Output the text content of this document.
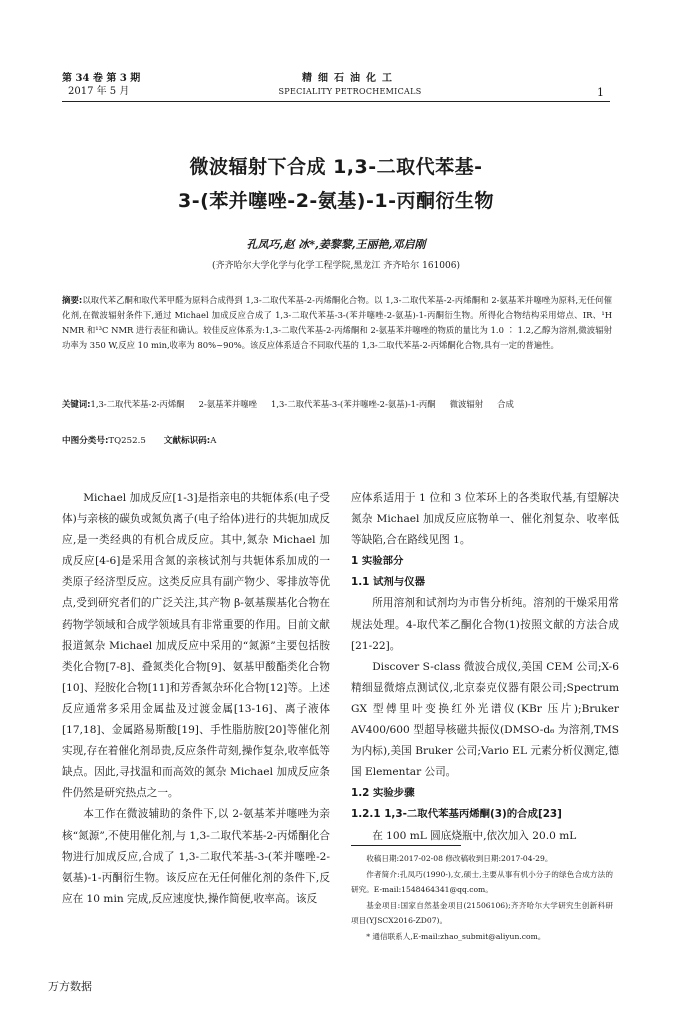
第 34 卷 第 3 期
2017 年 5 月
精细石油化工
SPECIALITY PETROCHEMICALS	1
微波辐射下合成 1,3-二取代苯基-
3-(苯并噻唑-2-氨基)-1-丙酮衍生物
孔凤巧,赵 冰*,姜黎黎,王丽艳,邓启刚
(齐齐哈尔大学化学与化学工程学院,黑龙江 齐齐哈尔 161006)
摘要:以取代苯乙酮和取代苯甲醛为原料合成得到 1,3-二取代苯基-2-丙烯酮化合物。以 1,3-二取代苯基-2-丙烯酮和 2-氨基苯并噻唑为原料,无任何催化剂,在微波辐射条件下,通过 Michael 加成反应合成了 1,3-二取代苯基-3-(苯并噻唑-2-氨基)-1-丙酮衍生物。所得化合物结构采用熔点、IR、¹H NMR 和¹³C NMR 进行表征和确认。较佳反应体系为:1,3-二取代苯基-2-丙烯酮和 2-氨基苯并噻唑的物质的量比为 1.0 ∶ 1.2,乙醇为溶剂,微波辐射功率为 350 W,反应 10 min,收率为 80%~90%。该反应体系适合不同取代基的 1,3-二取代苯基-2-丙烯酮化合物,具有一定的普遍性。
关键词:1,3-二取代苯基-2-丙烯酮 2-氨基苯并噻唑 1,3-二取代苯基-3-(苯并噻唑-2-氨基)-1-丙酮 微波辐射 合成
中图分类号:TQ252.5 文献标识码:A

Michael 加成反应[1-3]是指亲电的共轭体系(电子受体)与亲核的碳负或氮负离子(电子给体)进行的共轭加成反应,是一类经典的有机合成反应。其中,氮杂 Michael 加成反应[4-6]是采用含氮的亲核试剂与共轭体系加成的一类原子经济型反应。这类反应具有副产物少、零排放等优点,受到研究者们的广泛关注,其产物 β-氨基羰基化合物在药物学领域和合成学领域具有非常重要的作用。目前文献报道氮杂 Michael 加成反应中采用的“氮源”主要包括胺类化合物[7-8]、叠氮类化合物[9]、氨基甲酸酯类化合物[10]、羟胺化合物[11]和芳香氮杂环化合物[12]等。上述反应通常多采用金属盐及过渡金属[13-16]、离子液体[17,18]、金属路易斯酸[19]、手性脂肪胺[20]等催化剂实现,存在着催化剂昂贵,反应条件苛刻,操作复杂,收率低等缺点。因此,寻找温和而高效的氮杂 Michael 加成反应条件仍然是研究热点之一。

本工作在微波辅助的条件下,以 2-氨基苯并噻唑为亲核“氮源”,不使用催化剂,与 1,3-二取代苯基-2-丙烯酮化合物进行加成反应,合成了 1,3-二取代苯基-3-(苯并噻唑-2-氨基)-1-丙酮衍生物。该反应在无任何催化剂的条件下,反应在 10 min 完成,反应速度快,操作简便,收率高。该反

应体系适用于 1 位和 3 位苯环上的各类取代基,有望解决氮杂 Michael 加成反应底物单一、催化剂复杂、收率低等缺陷,合在路线见图 1。

1 实验部分
1.1 试剂与仪器

所用溶剂和试剂均为市售分析纯。溶剂的干燥采用常规法处理。4-取代苯乙酮化合物(1)按照文献的方法合成[21-22]。

Discover S-class 微波合成仪,美国 CEM 公司;X-6 精细显微熔点测试仪,北京泰克仪器有限公司;Spectrum GX 型傅里叶变换红外光谱仪(KBr 压片);Bruker AV400/600 型超导核磁共振仪(DMSO-d₆ 为溶剂,TMS 为内标),美国 Bruker 公司;Vario EL 元素分析仪测定,德国 Elementar 公司。

1.2 实验步骤
1.2.1 1,3-二取代苯基丙烯酮(3)的合成[23]

在 100 mL 圆底烧瓶中,依次加入 20.0 mL

收稿日期:2017-02-08 修改稿收到日期:2017-04-29。

作者简介:孔凤巧(1990-),女,硕士,主要从事有机小分子的绿色合成方法的研究。E-mail:1548464341@qq.com。

基金项目:国家自然基金项目(21506106);齐齐哈尔大学研究生创新科研项目(YJSCX2016-ZD07)。

* 通信联系人,E-mail:zhao_submit@aliyun.com。

万方数据
